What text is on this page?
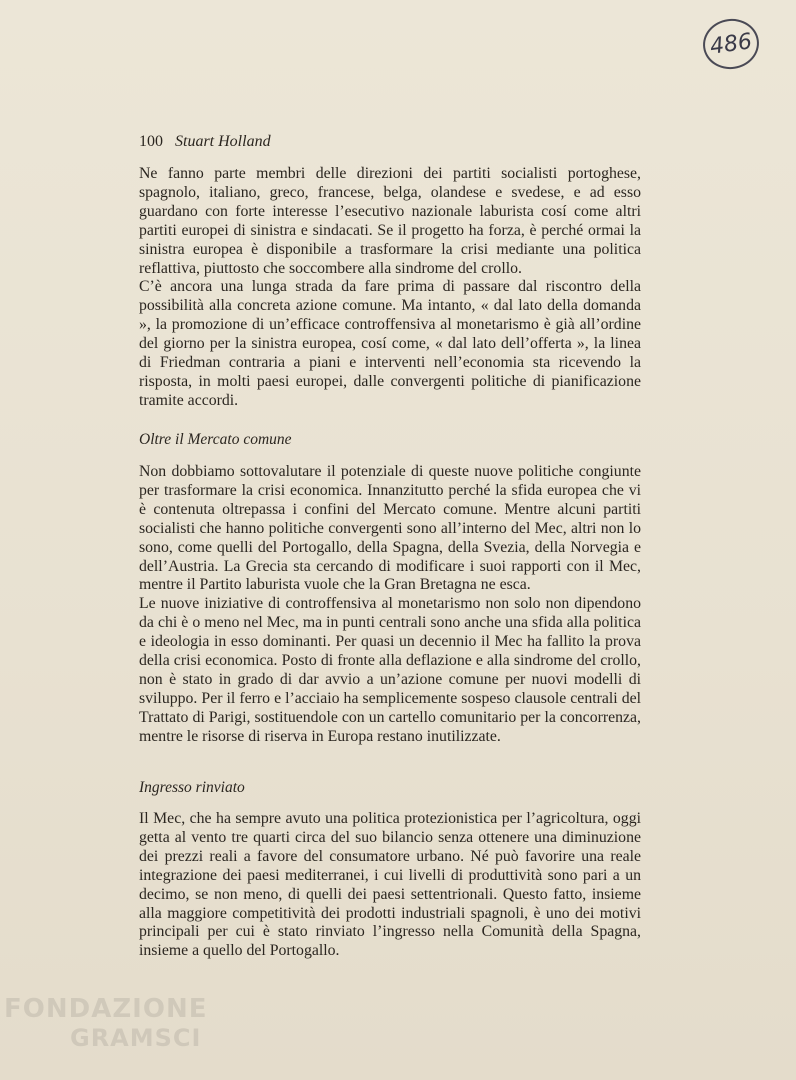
486
100 Stuart Holland

Ne fanno parte membri delle direzioni dei partiti socialisti portoghese, spagnolo, italiano, greco, francese, belga, olandese e svedese, e ad esso guardano con forte interesse l’esecutivo nazionale laburista cosí come altri partiti europei di sinistra e sindacati. Se il progetto ha forza, è perché ormai la sinistra europea è disponibile a trasformare la crisi mediante una politica reflattiva, piuttosto che soccombere alla sindrome del crollo.

C’è ancora una lunga strada da fare prima di passare dal riscontro della possibilità alla concreta azione comune. Ma intanto, « dal lato della domanda », la promozione di un’efficace controffensiva al monetarismo è già all’ordine del giorno per la sinistra europea, cosí come, « dal lato dell’offerta », la linea di Friedman contraria a piani e interventi nell’economia sta ricevendo la risposta, in molti paesi europei, dalle convergenti politiche di pianificazione tramite accordi.

Oltre il Mercato comune

Non dobbiamo sottovalutare il potenziale di queste nuove politiche congiunte per trasformare la crisi economica. Innanzitutto perché la sfida europea che vi è contenuta oltrepassa i confini del Mercato comune. Mentre alcuni partiti socialisti che hanno politiche convergenti sono all’interno del Mec, altri non lo sono, come quelli del Portogallo, della Spagna, della Svezia, della Norvegia e dell’Austria. La Grecia sta cercando di modificare i suoi rapporti con il Mec, mentre il Partito laburista vuole che la Gran Bretagna ne esca.

Le nuove iniziative di controffensiva al monetarismo non solo non dipendono da chi è o meno nel Mec, ma in punti centrali sono anche una sfida alla politica e ideologia in esso dominanti. Per quasi un decennio il Mec ha fallito la prova della crisi economica. Posto di fronte alla deflazione e alla sindrome del crollo, non è stato in grado di dar avvio a un’azione comune per nuovi modelli di sviluppo. Per il ferro e l’acciaio ha semplicemente sospeso clausole centrali del Trattato di Parigi, sostituendole con un cartello comunitario per la concorrenza, mentre le risorse di riserva in Europa restano inutilizzate.

Ingresso rinviato

Il Mec, che ha sempre avuto una politica protezionistica per l’agricoltura, oggi getta al vento tre quarti circa del suo bilancio senza ottenere una diminuzione dei prezzi reali a favore del consumatore urbano. Né può favorire una reale integrazione dei paesi mediterranei, i cui livelli di produttività sono pari a un decimo, se non meno, di quelli dei paesi settentrionali. Questo fatto, insieme alla maggiore competitività dei prodotti industriali spagnoli, è uno dei motivi principali per cui è stato rinviato l’ingresso nella Comunità della Spagna, insieme a quello del Portogallo.

FONDAZIONE
GRAMSCI
